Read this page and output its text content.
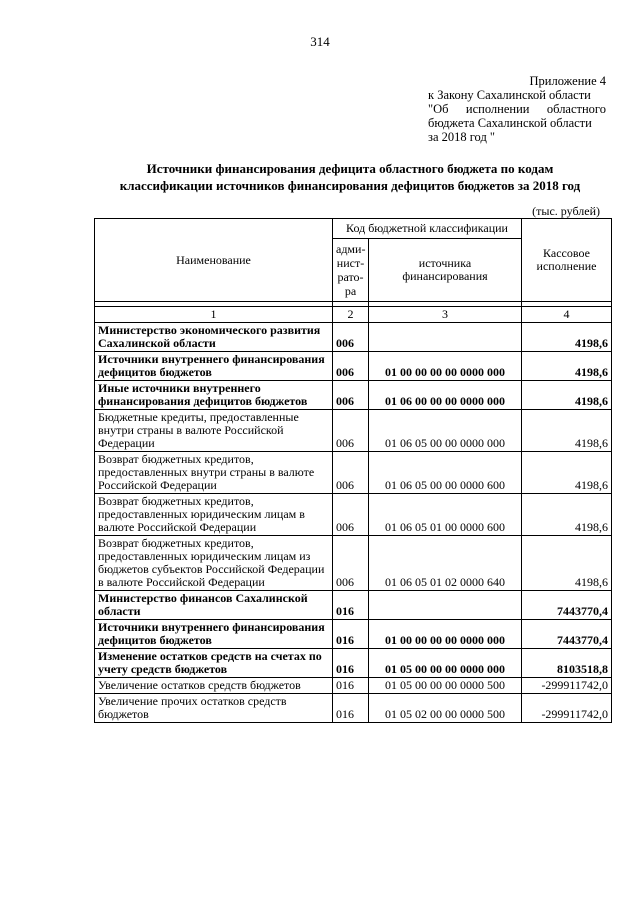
314
Приложение 4
к Закону Сахалинской области
"Об исполнении областного
бюджета Сахалинской области
за 2018 год "
Источники финансирования дефицита областного бюджета по кодам
классификации источников финансирования дефицитов бюджетов за 2018 год
(тыс. рублей)
Наименование	Код бюджетной классификации		Кассовое
исполнение
	адми-
нист-
рато-
ра	источника
финансирования	

1	2	3	4
Министерство экономического развития Сахалинской области	006		4198,6
Источники внутреннего финансирования дефицитов бюджетов	006	01 00 00 00 00 0000 000	4198,6
Иные источники внутреннего финансирования дефицитов бюджетов	006	01 06 00 00 00 0000 000	4198,6
Бюджетные кредиты, предоставленные внутри страны в валюте Российской Федерации	006	01 06 05 00 00 0000 000	4198,6
Возврат бюджетных кредитов, предоставленных внутри страны в валюте Российской Федерации	006	01 06 05 00 00 0000 600	4198,6
Возврат бюджетных кредитов, предоставленных юридическим лицам в валюте Российской Федерации	006	01 06 05 01 00 0000 600	4198,6
Возврат бюджетных кредитов, предоставленных юридическим лицам из бюджетов субъектов Российской Федерации в валюте Российской Федерации	006	01 06 05 01 02 0000 640	4198,6
Министерство финансов Сахалинской области	016		7443770,4
Источники внутреннего финансирования дефицитов бюджетов	016	01 00 00 00 00 0000 000	7443770,4
Изменение остатков средств на счетах по учету средств бюджетов	016	01 05 00 00 00 0000 000	8103518,8
Увеличение остатков средств бюджетов	016	01 05 00 00 00 0000 500	-299911742,0
Увеличение прочих остатков средств бюджетов	016	01 05 02 00 00 0000 500	-299911742,0
